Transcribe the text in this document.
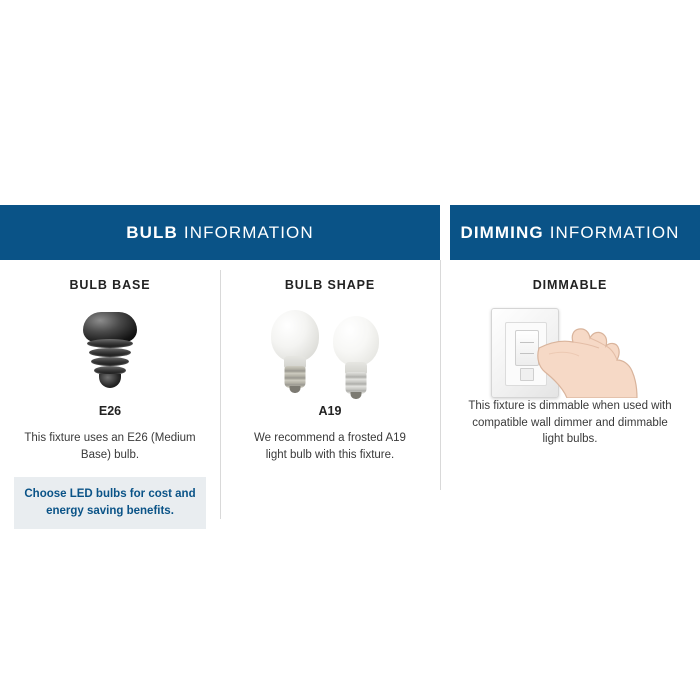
BULB INFORMATION
BULB BASE
E26
This fixture uses an E26 (Medium Base) bulb.
Choose LED bulbs for cost and energy saving benefits.
BULB SHAPE
A19
We recommend a frosted A19 light bulb with this fixture.
DIMMING INFORMATION
DIMMABLE
This fixture is dimmable when used with compatible wall dimmer and dimmable light bulbs.
